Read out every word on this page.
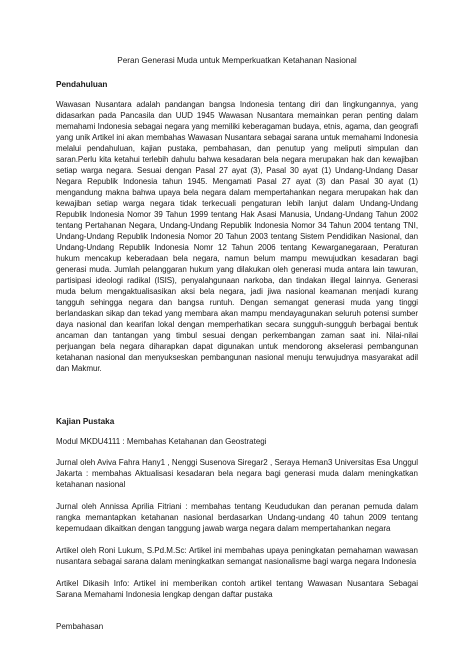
Peran Generasi Muda untuk Memperkuatkan Ketahanan Nasional
Pendahuluan

Wawasan Nusantara adalah pandangan bangsa Indonesia tentang diri dan lingkungannya, yang didasarkan pada Pancasila dan UUD 1945 Wawasan Nusantara memainkan peran penting dalam memahami Indonesia sebagai negara yang memiliki keberagaman budaya, etnis, agama, dan geografi yang unik Artikel ini akan membahas Wawasan Nusantara sebagai sarana untuk memahami Indonesia melalui pendahuluan, kajian pustaka, pembahasan, dan penutup yang meliputi simpulan dan saran.Perlu kita ketahui terlebih dahulu bahwa kesadaran bela negara merupakan hak dan kewajiban setiap warga negara. Sesuai dengan Pasal 27 ayat (3), Pasal 30 ayat (1) Undang-Undang Dasar Negara Republik Indonesia tahun 1945. Mengamati Pasal 27 ayat (3) dan Pasal 30 ayat (1) mengandung makna bahwa upaya bela negara dalam mempertahankan negara merupakan hak dan kewajiban setiap warga negara tidak terkecuali pengaturan lebih lanjut dalam Undang-Undang Republik Indonesia Nomor 39 Tahun 1999 tentang Hak Asasi Manusia, Undang-Undang Tahun 2002 tentang Pertahanan Negara, Undang-Undang Republik Indonesia Nomor 34 Tahun 2004 tentang TNI, Undang-Undang Republik Indonesia Nomor 20 Tahun 2003 tentang Sistem Pendidikan Nasional, dan Undang-Undang Republik Indonesia Nomr 12 Tahun 2006 tentang Kewarganegaraan, Peraturan hukum mencakup keberadaan bela negara, namun belum mampu mewujudkan kesadaran bagi generasi muda. Jumlah pelanggaran hukum yang dilakukan oleh generasi muda antara lain tawuran, partisipasi ideologi radikal (ISIS), penyalahgunaan narkoba, dan tindakan illegal lainnya. Generasi muda belum mengaktualisasikan aksi bela negara, jadi jiwa nasional keamanan menjadi kurang tangguh sehingga negara dan bangsa runtuh. Dengan semangat generasi muda yang tinggi berlandaskan sikap dan tekad yang membara akan mampu mendayagunakan seluruh potensi sumber daya nasional dan kearifan lokal dengan memperhatikan secara sungguh-sungguh berbagai bentuk ancaman dan tantangan yang timbul sesuai dengan perkembangan zaman saat ini. Nilai-nilai perjuangan bela negara diharapkan dapat digunakan untuk mendorong akselerasi pembangunan ketahanan nasional dan menyukseskan pembangunan nasional menuju terwujudnya masyarakat adil dan Makmur.

Kajian Pustaka

Modul MKDU4111 : Membahas Ketahanan dan Geostrategi

Jurnal oleh Aviva Fahra Hany1 , Nenggi Susenova Siregar2 , Seraya Heman3 Universitas Esa Unggul Jakarta : membahas Aktualisasi kesadaran bela negara bagi generasi muda dalam meningkatkan ketahanan nasional

Jurnal oleh Annissa Aprilia Fitriani : membahas tentang Keududukan dan peranan pemuda dalam rangka memantapkan ketahanan nasional berdasarkan Undang-undang 40 tahun 2009 tentang kepemudaan dikaitkan dengan tanggung jawab warga negara dalam mempertahankan negara

Artikel oleh Roni Lukum, S.Pd.M.Sc: Artikel ini membahas upaya peningkatan pemahaman wawasan nusantara sebagai sarana dalam meningkatkan semangat nasionalisme bagi warga negara Indonesia

Artikel Dikasih Info: Artikel ini memberikan contoh artikel tentang Wawasan Nusantara Sebagai Sarana Memahami Indonesia lengkap dengan daftar pustaka

Pembahasan
